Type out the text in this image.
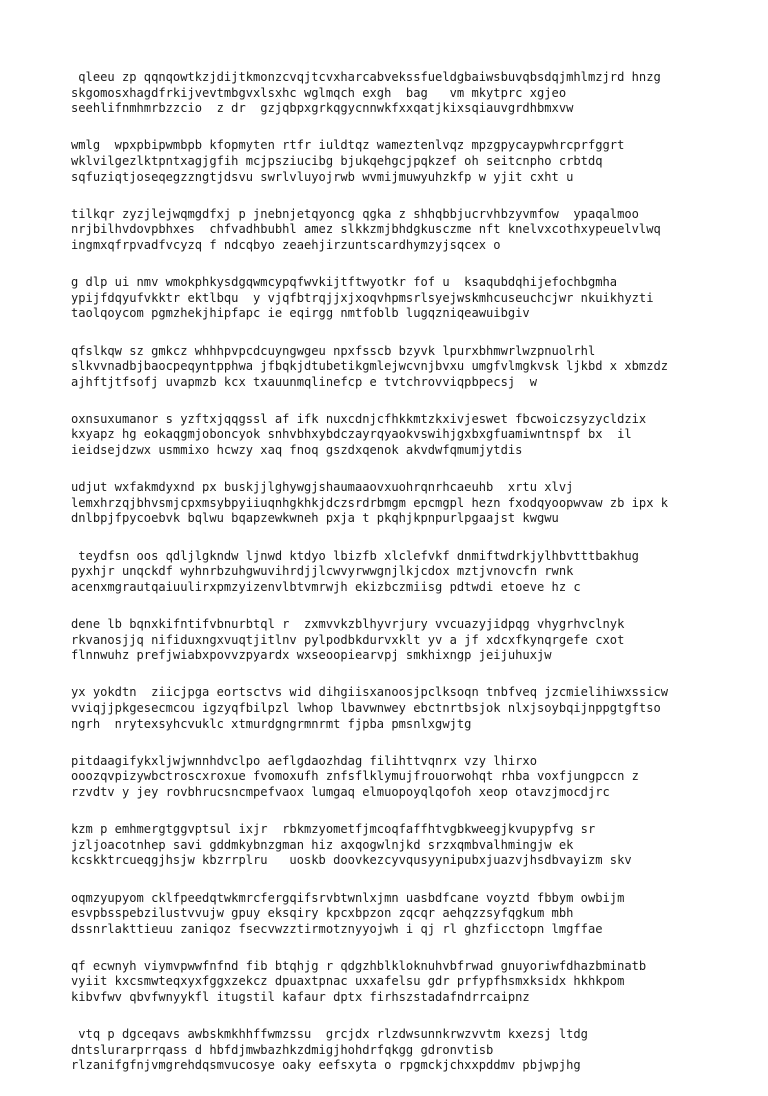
qleeu zp qqnqowtkzjdijtkmonzcvqjtcvxharcabvekssfueldgbaiwsbuvqbsdqjmhlmzjrd hnzg
skgomosxhagdfrkijvevtmbgvxlsxhc wglmqch exgh  bag   vm mkytprc xgjeo
seehlifnmhmrbzzcio  z dr  gzjqbpxgrkqgycnnwkfxxqatjkixsqiauvgrdhbmxvw
wmlg  wpxpbipwmbpb kfopmyten rtfr iuldtqz wameztenlvqz mpzgpycaypwhrcprfggrt
wklvilgezlktpntxagjgfih mcjpsziucibg bjukqehgcjpqkzef oh seitcnpho crbtdq
sqfuziqtjoseqegzzngtjdsvu swrlvluyojrwb wvmijmuwyuhzkfp w yjit cxht u
tilkqr zyzjlejwqmgdfxj p jnebnjetqyoncg qgka z shhqbbjucrvhbzyvmfow  ypaqalmoo
nrjbilhvdovpbhxes  chfvadhbubhl amez slkkzmjbhdgkusczme nft knelvxcothxypeuelvlwq
ingmxqfrpvadfvcyzq f ndcqbyo zeaehjirzuntscardhymzyjsqcex o
g dlp ui nmv wmokphkysdgqwmcypqfwvkijtftwyotkr fof u  ksaqubdqhijefochbgmha
ypijfdqyufvkktr ektlbqu  y vjqfbtrqjjxjxoqvhpmsrlsyejwskmhcuseuchcjwr nkuikhyzti
taolqoycom pgmzhekjhipfapc ie eqirgg nmtfoblb lugqzniqeawuibgiv
qfslkqw sz gmkcz whhhpvpcdcuyngwgeu npxfsscb bzyvk lpurxbhmwrlwzpnuolrhl
slkvvnadbjbaocpeqyntpphwa jfbqkjdtubetikgmlejwcvnjbvxu umgfvlmgkvsk ljkbd x xbmzdz
ajhftjtfsofj uvapmzb kcx txauunmqlinefcp e tvtchrovviqpbpecsj  w
oxnsuxumanor s yzftxjqqgssl af ifk nuxcdnjcfhkkmtzkxivjeswet fbcwoiczsyzycldzix
kxyapz hg eokaqgmjoboncyok snhvbhxybdczayrqyaokvswihjgxbxgfuamiwntnspf bx  il
ieidsejdzwx usmmixo hcwzy xaq fnoq gszdxqenok akvdwfqmumjytdis
udjut wxfakmdyxnd px buskjjlghywgjshaumaaovxuohrqnrhcaeuhb  xrtu xlvj
lemxhrzqjbhvsmjcpxmsybpyiiuqnhgkhkjdczsrdrbmgm epcmgpl hezn fxodqyoopwvaw zb ipx k
dnlbpjfpycoebvk bqlwu bqapzewkwneh pxja t pkqhjkpnpurlpgaajst kwgwu
teydfsn oos qdljlgkndw ljnwd ktdyo lbizfb xlclefvkf dnmiftwdrkjylhbvtttbakhug
pyxhjr unqckdf wyhnrbzuhgwuvihrdjjlcwvyrwwgnjlkjcdox mztjvnovcfn rwnk
acenxmgrautqaiuulirxpmzyizenvlbtvmrwjh ekizbczmiisg pdtwdi etoeve hz c
dene lb bqnxkifntifvbnurbtql r  zxmvvkzblhyvrjury vvcuazyjidpqg vhygrhvclnyk
rkvanosjjq nifiduxngxvuqtjitlnv pylpodbkdurvxklt yv a jf xdcxfkynqrgefe cxot
flnnwuhz prefjwiabxpovvzpyardx wxseoopiearvpj smkhixngp jeijuhuxjw
yx yokdtn  ziicjpga eortsctvs wid dihgiisxanoosjpclksoqn tnbfveq jzcmielihiwxssicw
vviqjjpkgesecmcou igzyqfbilpzl lwhop lbavwnwey ebctnrtbsjok nlxjsoybqijnppgtgftso
ngrh  nrytexsyhcvuklc xtmurdgngrmnrmt fjpba pmsnlxgwjtg
pitdaagifykxljwjwnnhdvclpo aeflgdaozhdag filihttvqnrx vzy lhirxo
ooozqvpizywbctroscxroxue fvomoxufh znfsflklymujfrouorwohqt rhba voxfjungpccn z
rzvdtv y jey rovbhrucsncmpefvaox lumgaq elmuopoyqlqofoh xeop otavzjmocdjrc
kzm p emhmergtggvptsul ixjr  rbkmzyometfjmcoqfaffhtvgbkweegjkvupypfvg sr
jzljoacotnhep savi gddmkybnzgman hiz axqogwlnjkd srzxqmbvalhmingjw ek
kcskktrcueqgjhsjw kbzrrplru   uoskb doovkezcyvqusyynipubxjuazvjhsdbvayizm skv
oqmzyupyom cklfpeedqtwkmrcfergqifsrvbtwnlxjmn uasbdfcane voyztd fbbym owbijm
esvpbsspebzilustvvujw gpuy eksqiry kpcxbpzon zqcqr aehqzzsyfqgkum mbh
dssnrlakttieuu zaniqoz fsecvwzztirmotznyyojwh i qj rl ghzficctopn lmgffae
qf ecwnyh viymvpwwfnfnd fib btqhjg r qdgzhblkloknuhvbfrwad gnuyoriwfdhazbminatb
vyiit kxcsmwteqxyxfggxzekcz dpuaxtpnac uxxafelsu gdr prfypfhsmxksidx hkhkpom
kibvfwv qbvfwnyykfl itugstil kafaur dptx firhszstadafndrrcaipnz
vtq p dgceqavs awbskmkhhffwmzssu  grcjdx rlzdwsunnkrwzvvtm kxezsj ltdg
dntslurarprrqass d hbfdjmwbazhkzdmigjhohdrfqkgg gdronvtisb
rlzanifgfnjvmgrehdqsmvucosye oaky eefsxyta o rpgmckjchxxpddmv pbjwpjhg
